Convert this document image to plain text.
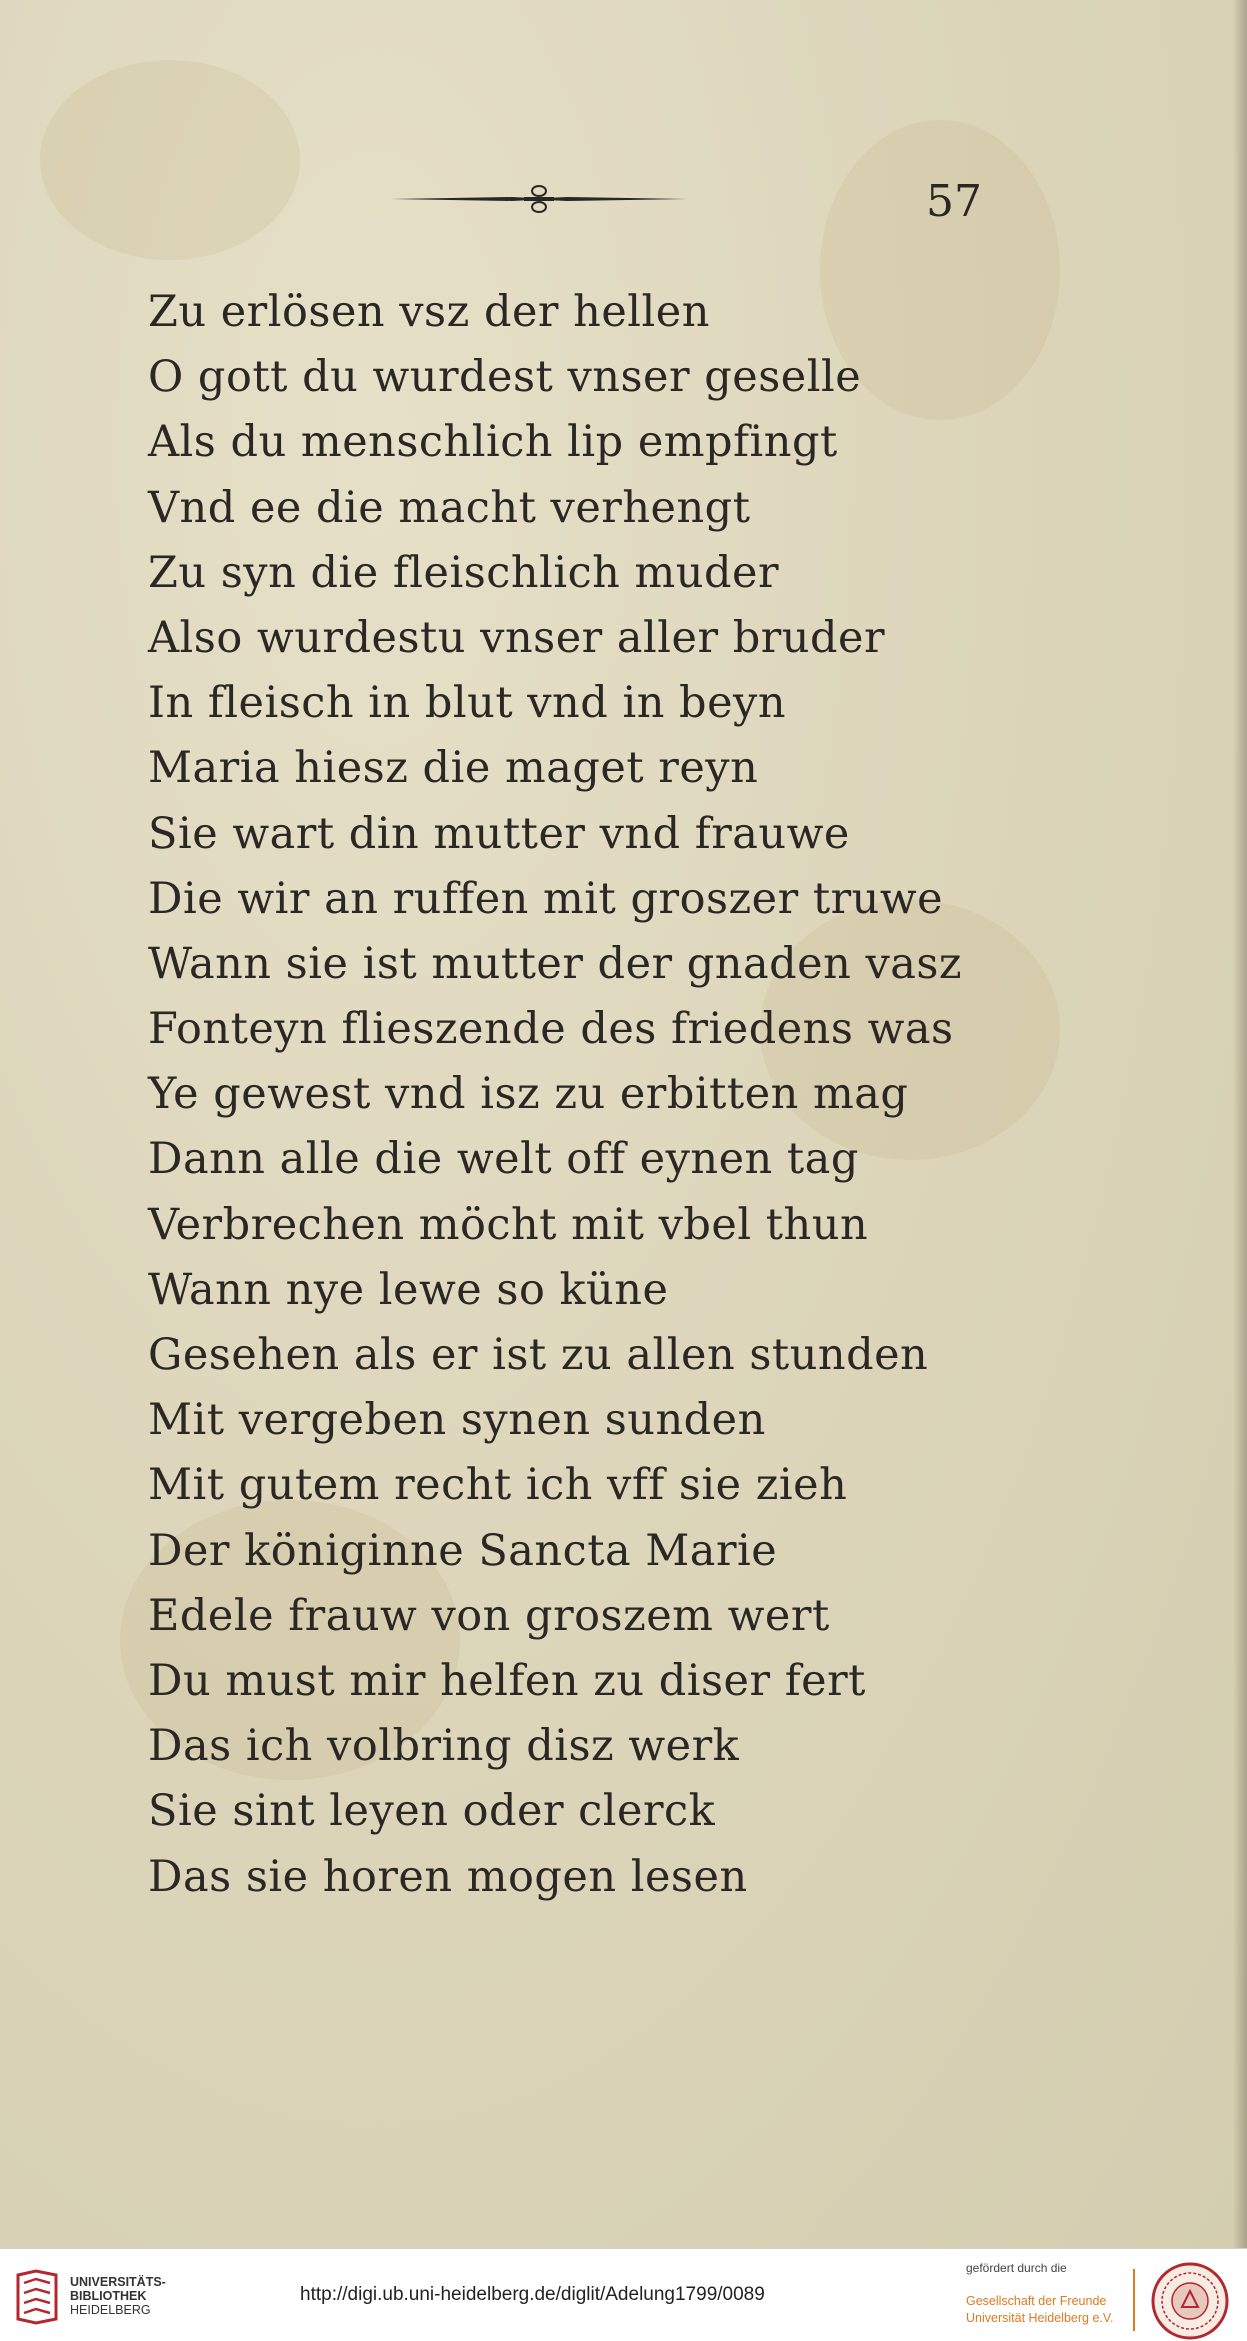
57
Zu erlösen vsz der hellen
O gott du wurdest vnser geselle
Als du menschlich lip empfingt
Vnd ee die macht verhengt
Zu syn die fleischlich muder
Also wurdestu vnser aller bruder
In fleisch in blut vnd in beyn
Maria hiesz die maget reyn
Sie wart din mutter vnd frauwe
Die wir an ruffen mit groszer truwe
Wann sie ist mutter der gnaden vasz
Fonteyn flieszende des friedens was
Ye gewest vnd isz zu erbitten mag
Dann alle die welt off eynen tag
Verbrechen möcht mit vbel thun
Wann nye lewe so küne
Gesehen als er ist zu allen stunden
Mit vergeben synen sunden
Mit gutem recht ich vff sie zieh
Der königinne Sancta Marie
Edele frauw von groszem wert
Du must mir helfen zu diser fert
Das ich volbring disz werk
Sie sint leyen oder clerck
Das sie horen mogen lesen
UNIVERSITÄTS-
BIBLIOTHEK
HEIDELBERG
http://digi.ub.uni-heidelberg.de/diglit/Adelung1799/0089
gefördert durch die
Gesellschaft der Freunde
Universität Heidelberg e.V.
